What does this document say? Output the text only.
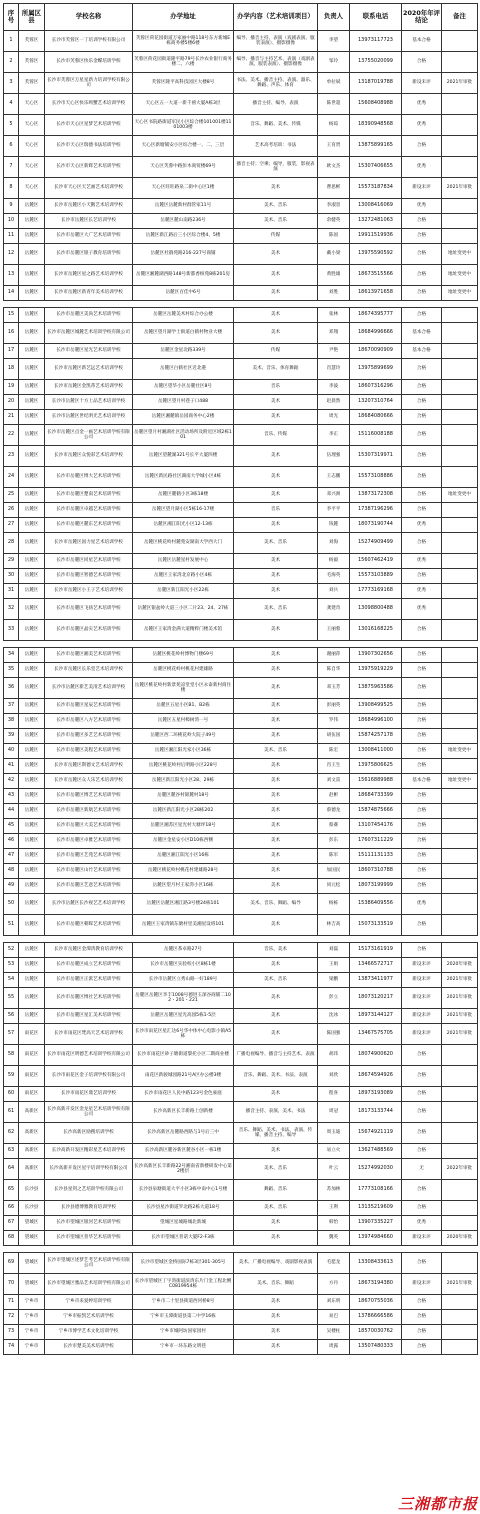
序号	所属区县	学校名称	办学地址	办学内容（艺术培训项目）	负责人	联系电话	2020年年评结论	备注
1	芙蓉区	长沙市芙蓉区一丁培训学校有限公司	芙蓉区荷花园街道万家丽中路118号东方新城E栋商务楼5楼6楼	编导、播音主持、表演（戏剧表演、服装表演）、摄影摄像	李望	13973117723	基本合格	
2	芙蓉区	长沙市芙蓉区快乐金蝶培训学校	芙蓉区荷花园街道隆平路79号长沙农业银行商务楼二、六楼	编导、播音与主持艺术、表演（戏剧表演、服装表演）、摄影摄像	邹玲	13755020099	合格	
3	芙蓉区	长沙市芙蓉区万星星新力培训学校有限公司	芙蓉区隆平高科技园区大楼8号	书法、美术、播音主持、表演、器乐、舞蹈、声乐、体育	单拉斌	13187019788	新设未评	2021年审批
4	天心区	长沙市天心区快乐鸣蟹艺术培训学校	天心区五一大道一新千禧大厦A栋3层	播音主持、编导、表演	陈世超	15608408988	优秀	
5	天心区	长沙市天心区星梦艺术培训学校	天心区书院路街道军民小区综合楼101001楼1101003楼	音乐、舞蹈、美术、传媒	杨琼	18390948568	优秀	
6	天心区	长沙市天心区瑞德书法培训学校	天心区新塘铺安小区综合楼一、二、三层	艺术高考培训：书法	王育贤	13875899165	合格	
7	天心区	长沙市天心区新辉艺术培训学校	天心区芙蓉中路彭木商贸楼69号	播音主持；空乘；编导，服装，影视表演	欧文杰	15307406655	优秀	
8	天心区	长沙市天心区天艺画艺术培训学校	天心区旺旺路泉二街中心区1楼	美术	曹思彬	15573187834	新设未评	2021年审批
9	岳麓区	长沙市岳麓区小天鹅艺术培训学校	岳麓区岳麓新村群管家11号	美术、音乐	李淑容	13008416069	优秀	
10	岳麓区	长沙市岳麓区长艺培训学校	岳麓区麓山南路236号	美术、音乐	余健英	13272481063	合格	
11	岳麓区	长沙市岳麓区大广艺术培训学校	岳麓区新江路后三小区综合楼4、5楼	传媒	陈国	19911519936	合格	
12	岳麓区	长沙市岳麓区银子教育培训学校	岳麓区杜鹃苑路216-227号商铺	美术	戴小梁	13975590592	合格	地址变更中
13	岳麓区	长沙市岳麓区星之路艺术培训学校	岳麓区湘麓湖西路148号新都香槟苑8栋201房	美术	黄胜雄	18673515566	合格	地址变更中
14	岳麓区	长沙市岳麓区新青年美术培训学校	岳麓区百佳中6号	美术	刘胜	18613971658	合格	地址变更中

15	岳麓区	长沙市岳麓区美尚艺术培训学校	岳麓区岳麓美术村综合办公楼	美术	张林	18674395777	合格	
16	岳麓区	长沙市岳麓区城麓艺术培训学校有限公司	岳麓区望月湖学士街道白鹤村物业大楼	美术	邓翔	18684996666	基本合格	
17	岳麓区	长沙市岳麓区星光艺术培训学校	岳麓区金星北路339号	传媒	尹艳	18670090909	基本合格	
18	岳麓区	长沙市岳麓区新艺远艺术培训学校	岳麓区白鹤社区近北港	美术、音乐、体育舞蹈	肖慧玲	13975899699	合格	
19	岳麓区	长沙市岳麓区金凯蒂艺术培训学校	岳麓区望华小区岳麓社区8号	音乐	李波	18607316296	合格	
20	岳麓区	长沙市岳麓区十方上品艺术培训学校	岳麓区望月村巷子口488	美术	赵晨然	13207310764	合格	
21	岳麓区	长沙市岳麓区世纪明光艺术培训学校	岳麓区湘麓镇岳园商务中心2楼	美术	周光	18684080666	合格	
22	岳麓区	长沙市岳麓区点金一画艺术培训学校有限公司	岳麓区望月村湘湖社区活动场所及附近区域2栋101	音乐、传媒	李正	15116008188	合格	
23	岳麓区	长沙市岳麓区众悦彩艺术培训学校	岳麓区望麓湖321号长平大厦四楼	美术	伍理强	15307319971	合格	
24	岳麓区	长沙市岳麓区博大艺术培训学校	岳麓区新民路社区湖南大学城小区4栋	美术	王志鹏	15573108886	合格	
25	岳麓区	长沙市岳麓区楚南艺术培训学校	岳麓区麓鹤小区3栋18楼	美术	邓兴洲	13873172308	合格	地址变更中
26	岳麓区	长沙市岳麓区卓越艺术培训学校	岳麓区望月湖小区5栋16-17楼	音乐	李平平	17387196296	合格	
27	岳麓区	长沙市岳麓区麓东艺术培训学校	岳麓区湘江阳光小区12-13栋	美术	钱麓	18073190744	优秀	
28	岳麓区	长沙市岳麓区国力星艺术培训学校	岳麓区桃花岭村麓苑安湖南大学西大门	美术、音乐	刘海	15274909499	合格	
29	岳麓区	长沙市岳麓区同星艺术培训学校	岳麓区岳麓星村发展中心	美术	杨毅	15607462419	优秀	
30	岳麓区	长沙市岳麓区智德艺术培训学校	岳麓区王家湾北京路小区4栋	美术	毛海英	15573103889	合格	
31	岳麓区	长沙市岳麓区小王子艺术培训学校	岳麓区新江阳光小区22栋	美术	刘兵	17773169168	优秀	
32	岳麓区	长沙市岳麓区飞扬艺术培训学校	岳麓区银盆岭大道三小区二片23、24、27栋	美术、音乐	龚建奇	13098800488	优秀	
33	岳麓区	长沙市岳麓区晶实艺术培训学校	岳麓区王家湾金满大道精粹门楼美术馆	美术	王丽蓉	13016168225	合格	

34	岳麓区	长沙市岳麓区湘美艺术培训学校	岳麓区桃花岭村博物门楼69号	美术	谢丽萍	13907302656	合格	
35	岳麓区	长沙市岳麓区长乐堂艺术培训学校	岳麓区桃花岭村桃花村建雄路	美术	陈自华	13975919229	合格	
36	岳麓区	长沙市岳麓区新艺美清艺术培训学校	岳麓区桃花岭村新景苑凉堂堂小区永泰新村商住楼	美术	邓玉芳	13875963586	合格	
37	岳麓区	长沙市岳麓区星辰艺术培训学校	岳麓区五星小区B1、B2栋	美术	彭丽英	13908499525	合格	
38	岳麓区	长沙市岳麓区八方艺术培训学校	岳麓区五星村樟树湾一号	美术	罗伟	18684996100	合格	
39	岳麓区	长沙市岳麓区多艺艺术培训学校	岳麓区西二环桃花岭大院子49号	美术	胡伍国	15874257178	合格	
40	岳麓区	长沙市岳麓区美程艺术培训学校	岳麓区湘江阳光家小区36栋	美术、音乐	陈宏	13008411000	合格	地址变更中
41	岳麓区	长沙市岳麓区斯德文艺术培训学校	岳麓区桃花岭村后明路小区228号	美术	肖王生	13975806625	合格	
42	岳麓区	长沙市岳麓区众人乐艺术培训学校	岳麓区新江阳光小区28、29栋	美术	刘文雷	15616889988	基本合格	地址变更中
43	岳麓区	长沙市岳麓区博艺艺术培训学校	岳麓区麓谷村锦麓村18号	美术	赵彬	18684733399	合格	
44	岳麓区	长沙市岳麓区新航艺术培训学校	岳麓区新江阳光小区28栋202	美术	蔡德龙	15874875666	合格	
45	岳麓区	长沙市岳麓区大美艺术培训学校	岳麓区湘苏区星光村大塘坪18号	美术	蔡赛	13107454176	合格	
46	岳麓区	长沙市岳麓区卓雅艺术培训学校	岳麓区金星安小区D10栋西侧	美术	彭东	17607311229	合格	
47	岳麓区	长沙市岳麓区艺苑艺术培训学校	岳麓区湘江阳光小区16栋	美术	陈军	15111131133	合格	
48	岳麓区	长沙市岳麓区山竹艺术培训学校	岳麓区桃花岭村桃花村建雄路28号	美术	加国民	18607310788	合格	
49	岳麓区	长沙市岳麓区艺意艺术培训学校	岳麓区望月村王家湾小区16栋	美术	同元松	18073199999	合格	
50	岳麓区	长沙市岳麓区长沙视艺艺术培训学校	岳麓区岳麓区湘江路3号楼24栋101	美术、音乐、舞蹈、编导	杨栋	15386409556	优秀	
51	岳麓区	长沙市岳麓区朝晖艺术培训学校	岳麓区王家湾镇东塘村里美湘星设班101	美术	林吉高	15073133519	合格	

52	岳麓区	长沙市岳麓区金潭湾教育培训学校	岳麓区茶卓路27号	音乐、美术	刘磊	15173161919	合格	
53	岳麓区	长沙市岳麓区成立艺术培训学校	长沙市岳麓区实验校小区8栋1楼	美术	王娟	13466572717	新设未评	2020年审批
54	岳麓区	长沙市岳麓区正派艺术培训学校	长沙市岳麓区立秀山路一好189号	美术、音乐	梁鹏	13873411977	新设未评	2021年审批
55	岳麓区	长沙市岳麓区博社艺术培训学校	岳麓区岳麓区李丰1008号德进玉深谷商铺二102・201・221	美术	彭立	18073120217	新设未评	2021年审批
56	岳麓区	长沙市岳麓区星汇美术培训学校	岳麓区岳麓区星光高园5栋1-5层	美术	沈冰	18973144127	新设未评	2021年审批
57	雨花区	长沙市雨花区梵高天艺术培训学校	长沙市雨花区星汇达6号华中体中心电影小镇A5栋	美术	陈国强	13467575705	新设未评	2021年审批
58	雨花区	长沙市雨花区明德艺术培训学校有限公司	长沙市雨花区砂子塘街道黎托小区二期商业楼	广播电视编导、播音与主持艺术、表演	胡玮	18074900620	合格	
59	雨花区	长沙市雨花区金子培训学校有限公司	雨花区新骏城园路21号A区办公楼3楼	音乐、舞蹈、美术、书法、表演	刘欣	18674594926	合格	
60	雨花区	长沙市雨花区鼎艺培训学校	长沙市雨花区人民中路123号金色豪庭	美术	程喜	18973193089	合格	
61	高新区	长沙高新开发区金龙星艺术培训学校有限公司	长沙高新区长丰新路上创新楼	播音主持、表演、美术、书法	周冠	18173133744	合格	
62	高新区	长沙高新区励搜培训学校	长沙高新区岳麓路西路与1号后三中	音乐、舞蹈、美术、书法、表演、传媒、播音主持、编导	周玉迪	15674921119	合格	
63	高新区	长沙高新开发区精彩星艺术培训学校	长沙高新区麓谷新区麓谷小区一栋1楼	美术	易立火	13627488569	合格	
64	高新区	长沙高新开发区星宇培训学校有限公司	长沙高新区长丰新路22号湘南省新楼研发中心第2楼层	美术、音乐	叶云	15274992030	无	2022年审批
65	长沙县	长沙县星剑之艺培训学校有限公司	长沙县泉塘街道大平小区3栋中南中心1号楼	舞蹈、音乐	苏加林	17773108166	合格	
66	长沙县	长沙县德博雅教育培训学校	长沙县星沙街道罗北路2栋大道18号	美术、音乐	王利	13135219609	合格	
67	望城区	长沙市望城区银河艺术培训学校	望城区星城路城北新城	美术	韩怡	13907335227	优秀	
68	望城区	长沙市望城区普华艺术培训学校	长沙市望城区普诺大厦F2-F3栋	美术	魏英	13974984660	新设未评	2020年审批

69	望城区	长沙市望城区述梦艺考艺术培训学校有限公司	长沙市望城区金桥国际7栋3层301-305号	美术、广播电视编导、戏剧影视表演	毛愿龙	13308433613	合格	
70	望城区	长沙市望城区雅品艺术培训学校有限公司	长沙市望城区丁字湾街道滨湾东片门金工程北侧C0819954栋	美术、音乐、舞蹈	方丹	18673194380	新设未评	2021年审批
71	宁乡市	宁乡市来爱婷培训学校	宁乡市二十里县街道西河桥8号	美术	刘东明	18670755036	合格	
72	宁乡市	宁乡市振凯艺术培训学校	宁乡市玉潭街道县第二中学16栋	美术	易巴	13786666586	合格	
73	宁乡市	宁乡市博学艺术文化培训学校	宁乡市城阿坊国家园村	美术	吴楼柱	18570030762	合格	
74	宁乡市	长沙市楚美美术培训学校	宁乡市一环东路文明巷	美术	周露	13507480333	合格	
三湘都市报
